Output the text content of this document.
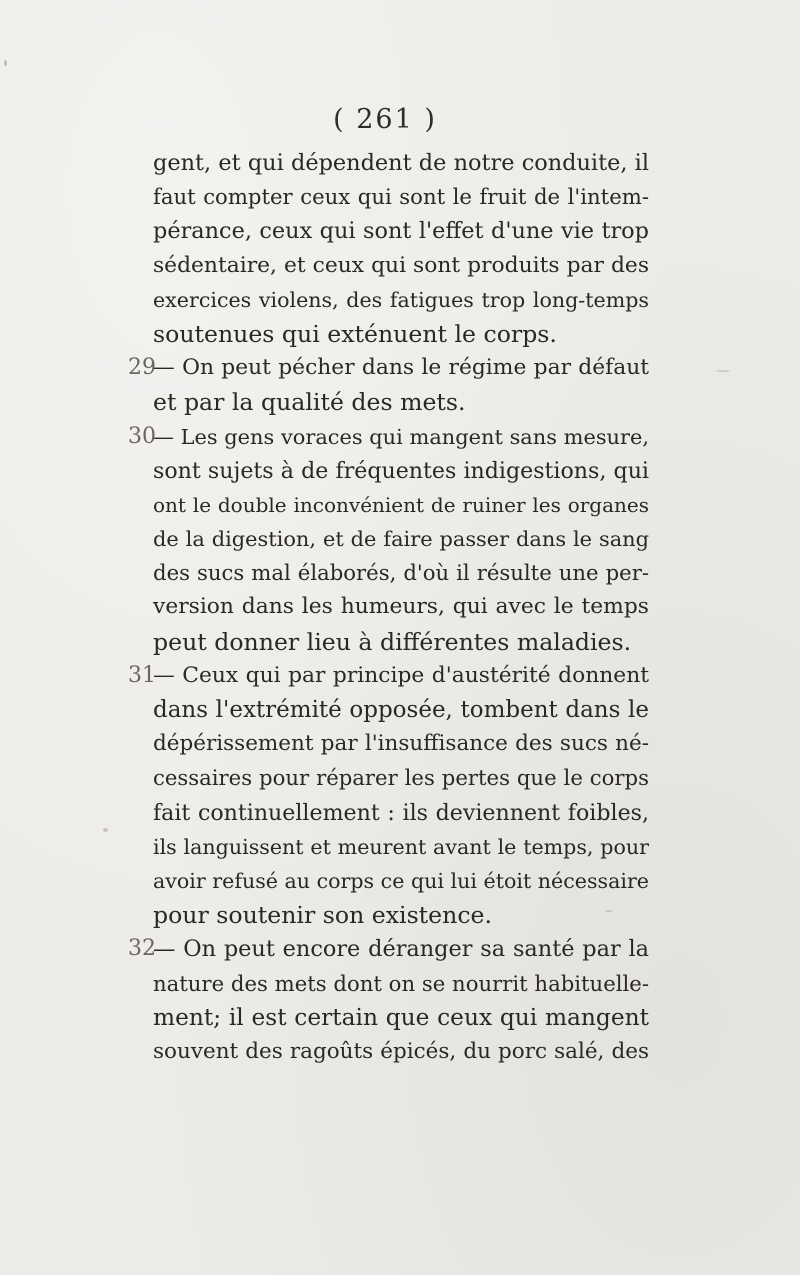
( 261 )
gent, et qui dépendent de notre conduite, il
faut compter ceux qui sont le fruit de l'intem-
pérance, ceux qui sont l'effet d'une vie trop
sédentaire, et ceux qui sont produits par des
exercices violens, des fatigues trop long-temps
soutenues qui exténuent le corps.
29
— On peut pécher dans le régime par défaut
et par la qualité des mets.
30
— Les gens voraces qui mangent sans mesure,
sont sujets à de fréquentes indigestions, qui
ont le double inconvénient de ruiner les organes
de la digestion, et de faire passer dans le sang
des sucs mal élaborés, d'où il résulte une per-
version dans les humeurs, qui avec le temps
peut donner lieu à différentes maladies.
31
— Ceux qui par principe d'austérité donnent
dans l'extrémité opposée, tombent dans le
dépérissement par l'insuffisance des sucs né-
cessaires pour réparer les pertes que le corps
fait continuellement : ils deviennent foibles,
ils languissent et meurent avant le temps, pour
avoir refusé au corps ce qui lui étoit nécessaire
pour soutenir son existence.
32
— On peut encore déranger sa santé par la
nature des mets dont on se nourrit habituelle-
ment; il est certain que ceux qui mangent
souvent des ragoûts épicés, du porc salé, des
